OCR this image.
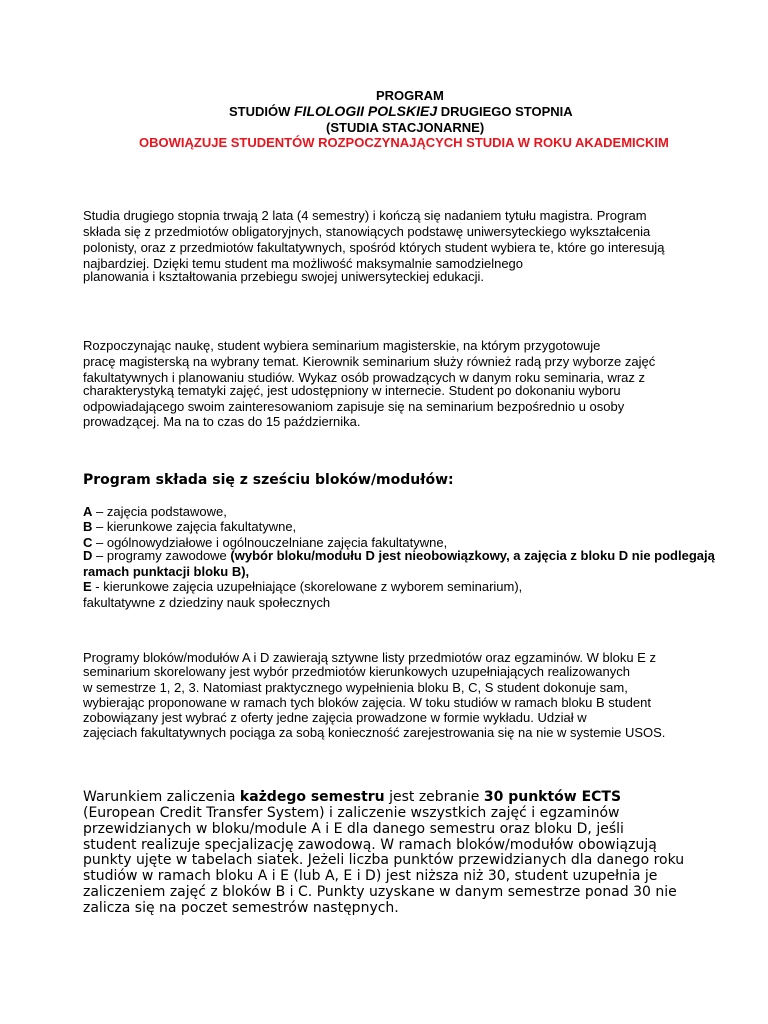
PROGRAM
STUDIÓW FILOLOGII POLSKIEJ DRUGIEGO STOPNIA
(STUDIA STACJONARNE)
OBOWIĄZUJE STUDENTÓW ROZPOCZYNAJĄCYCH STUDIA W ROKU AKADEMICKIM
Studia drugiego stopnia trwają 2 lata (4 semestry) i kończą się nadaniem tytułu magistra. Program
składa się z przedmiotów obligatoryjnych, stanowiących podstawę uniwersyteckiego wykształcenia
polonisty, oraz z przedmiotów fakultatywnych, spośród których student wybiera te, które go interesują
najbardziej. Dzięki temu student ma możliwość maksymalnie samodzielnego
planowania i kształtowania przebiegu swojej uniwersyteckiej edukacji.
Rozpoczynając naukę, student wybiera seminarium magisterskie, na którym przygotowuje
pracę magisterską na wybrany temat. Kierownik seminarium służy również radą przy wyborze zajęć
fakultatywnych i planowaniu studiów. Wykaz osób prowadzących w danym roku seminaria, wraz z
charakterystyką tematyki zajęć, jest udostępniony w internecie. Student po dokonaniu wyboru
odpowiadającego swoim zainteresowaniom zapisuje się na seminarium bezpośrednio u osoby
prowadzącej. Ma na to czas do 15 października.
Program składa się z sześciu bloków/modułów:
A – zajęcia podstawowe,
B – kierunkowe zajęcia fakultatywne,
C – ogólnowydziałowe i ogólnouczelniane zajęcia fakultatywne,
D – programy zawodowe (wybór bloku/modułu D jest nieobowiązkowy, a zajęcia z bloku D nie podlegają
ramach punktacji bloku B),
E - kierunkowe zajęcia uzupełniające (skorelowane z wyborem seminarium),
fakultatywne z dziedziny nauk społecznych
Programy bloków/modułów A i D zawierają sztywne listy przedmiotów oraz egzaminów. W bloku E z
seminarium skorelowany jest wybór przedmiotów kierunkowych uzupełniających realizowanych
w semestrze 1, 2, 3. Natomiast praktycznego wypełnienia bloku B, C, S student dokonuje sam,
wybierając proponowane w ramach tych bloków zajęcia. W toku studiów w ramach bloku B student
zobowiązany jest wybrać z oferty jedne zajęcia prowadzone w formie wykładu. Udział w
zajęciach fakultatywnych pociąga za sobą konieczność zarejestrowania się na nie w systemie USOS.
Warunkiem zaliczenia każdego semestru jest zebranie 30 punktów ECTS
(European Credit Transfer System) i zaliczenie wszystkich zajęć i egzaminów
przewidzianych w bloku/module A i E dla danego semestru oraz bloku D, jeśli
student realizuje specjalizację zawodową. W ramach bloków/modułów obowiązują
punkty ujęte w tabelach siatek. Jeżeli liczba punktów przewidzianych dla danego roku
studiów w ramach bloku A i E (lub A, E i D) jest niższa niż 30, student uzupełnia je
zaliczeniem zajęć z bloków B i C. Punkty uzyskane w danym semestrze ponad 30 nie
zalicza się na poczet semestrów następnych.
